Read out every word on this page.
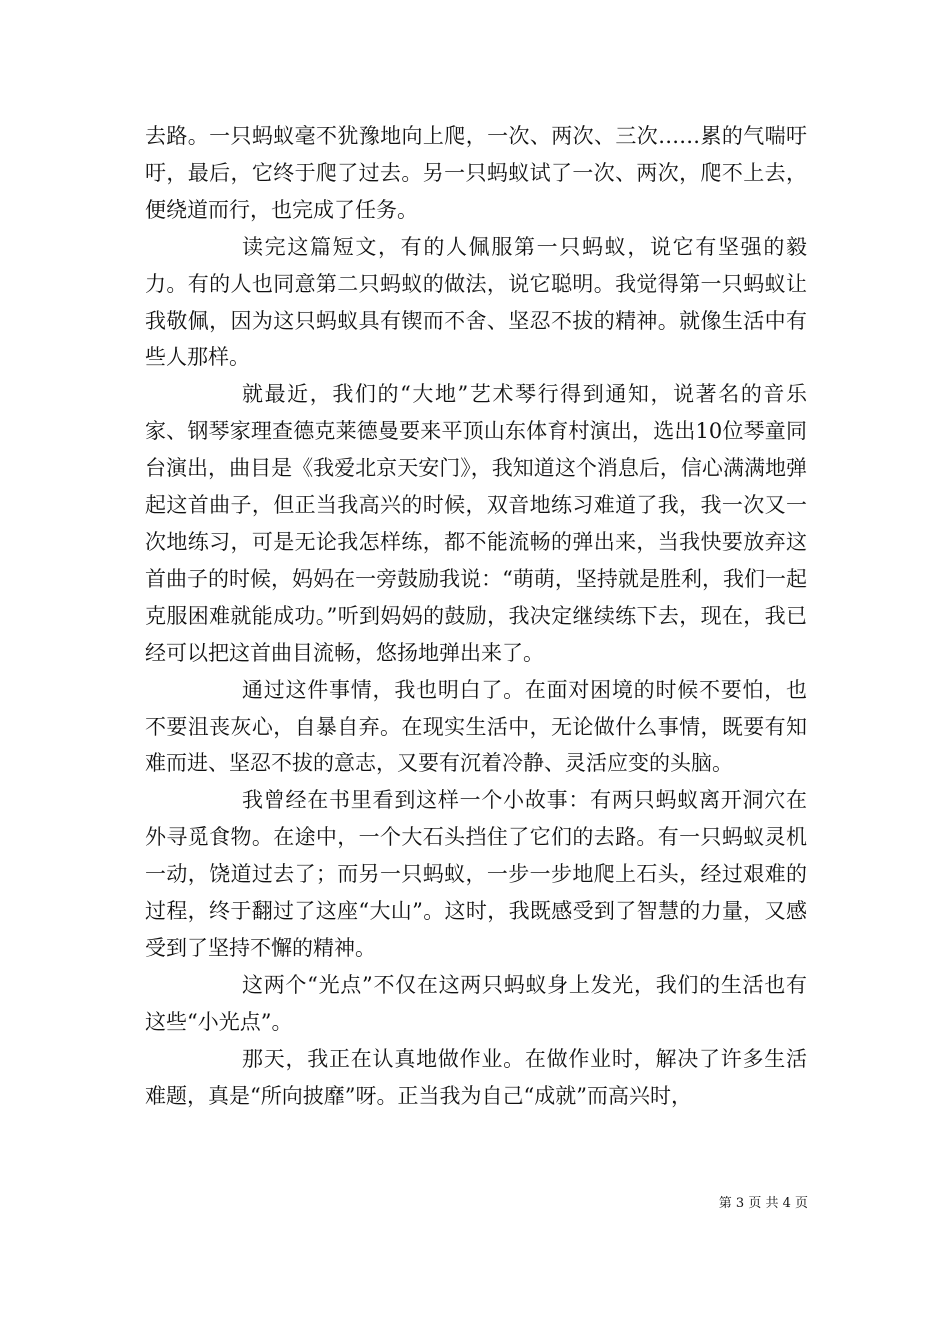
去路。一只蚂蚁毫不犹豫地向上爬，一次、两次、三次……累的气喘吁吁，最后，它终于爬了过去。另一只蚂蚁试了一次、两次，爬不上去，便绕道而行，也完成了任务。

读完这篇短文，有的人佩服第一只蚂蚁，说它有坚强的毅力。有的人也同意第二只蚂蚁的做法，说它聪明。我觉得第一只蚂蚁让我敬佩，因为这只蚂蚁具有锲而不舍、坚忍不拔的精神。就像生活中有些人那样。

就最近，我们的“大地”艺术琴行得到通知，说著名的音乐家、钢琴家理查德克莱德曼要来平顶山东体育村演出，选出10位琴童同台演出，曲目是《我爱北京天安门》，我知道这个消息后，信心满满地弹起这首曲子，但正当我高兴的时候，双音地练习难道了我，我一次又一次地练习，可是无论我怎样练，都不能流畅的弹出来，当我快要放弃这首曲子的时候，妈妈在一旁鼓励我说：“萌萌，坚持就是胜利，我们一起克服困难就能成功。”听到妈妈的鼓励，我决定继续练下去，现在，我已经可以把这首曲目流畅，悠扬地弹出来了。

通过这件事情，我也明白了。在面对困境的时候不要怕，也不要沮丧灰心，自暴自弃。在现实生活中，无论做什么事情，既要有知难而进、坚忍不拔的意志，又要有沉着冷静、灵活应变的头脑。

我曾经在书里看到这样一个小故事：有两只蚂蚁离开洞穴在外寻觅食物。在途中，一个大石头挡住了它们的去路。有一只蚂蚁灵机一动，饶道过去了；而另一只蚂蚁，一步一步地爬上石头，经过艰难的过程，终于翻过了这座“大山”。这时，我既感受到了智慧的力量，又感受到了坚持不懈的精神。

这两个“光点”不仅在这两只蚂蚁身上发光，我们的生活也有这些“小光点”。

那天，我正在认真地做作业。在做作业时，解决了许多生活难题，真是“所向披靡”呀。正当我为自己“成就”而高兴时，

第 3 页 共 4 页
